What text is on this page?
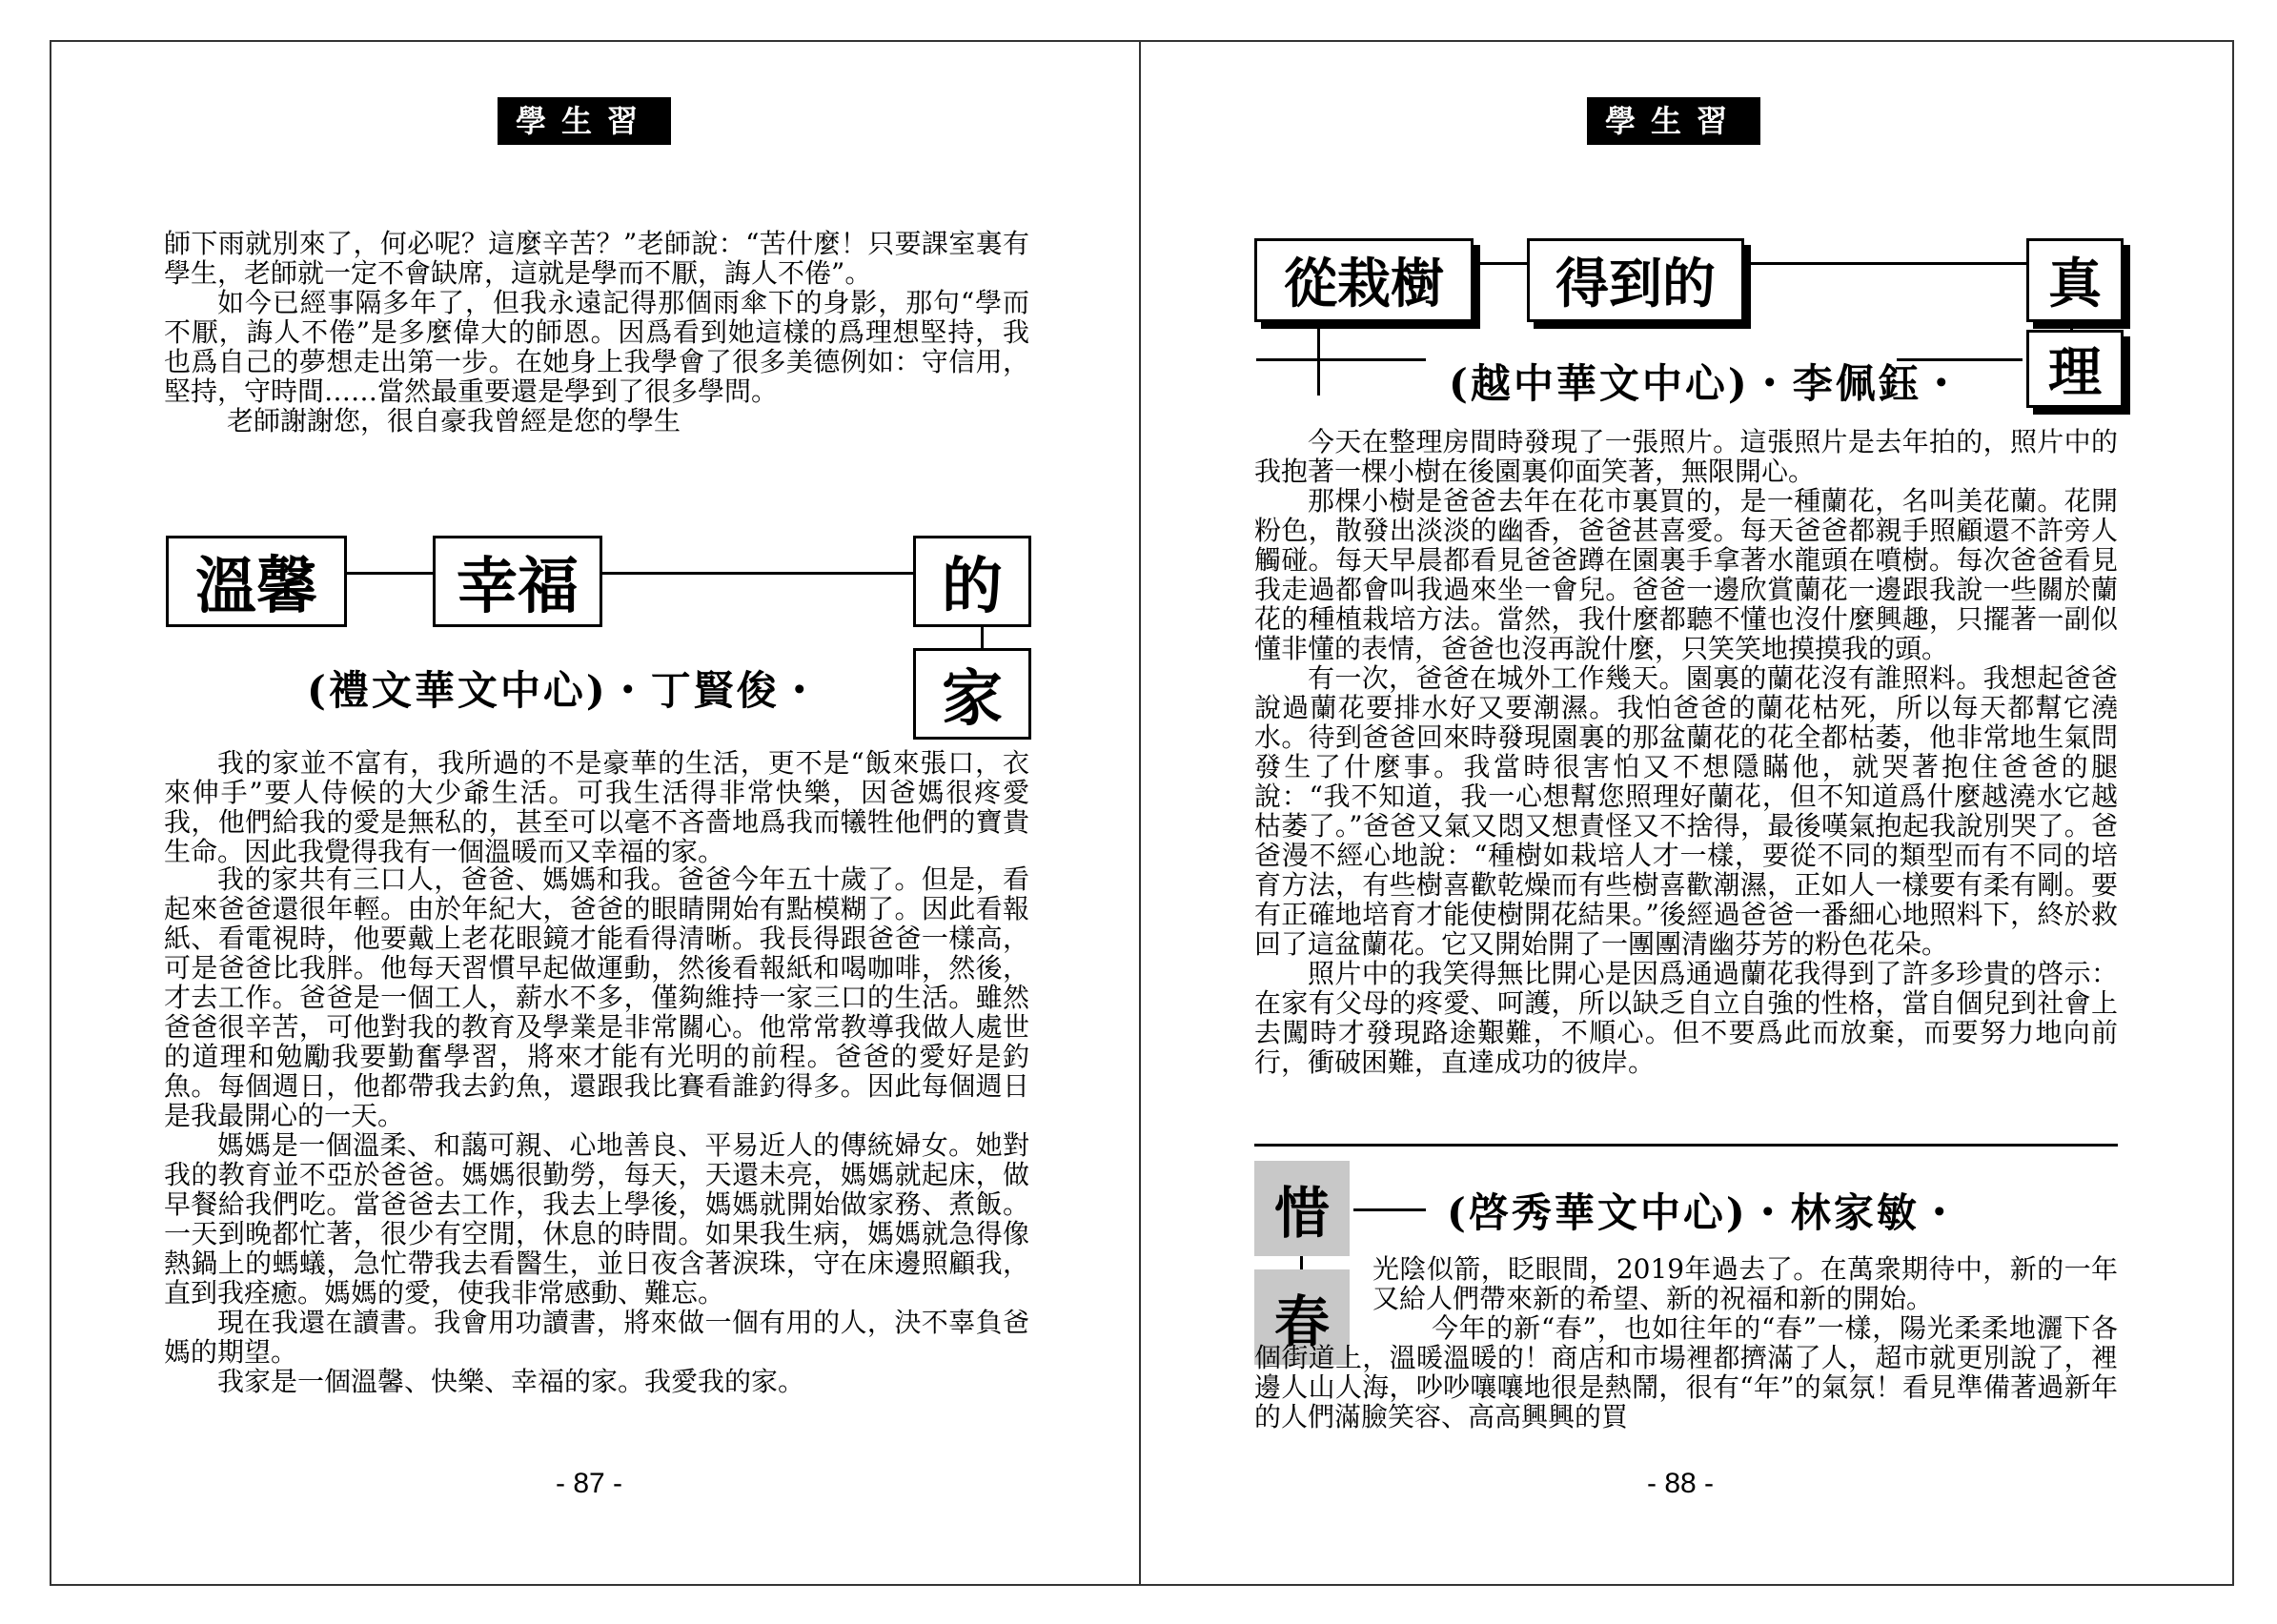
學生習作

師下雨就別來了，何必呢？這麼辛苦？”老師說：“苦什麼！只要課室裏有學生，老師就一定不會缺席，這就是學而不厭，誨人不倦”。

如今已經事隔多年了，但我永遠記得那個雨傘下的身影，那句“學而不厭，誨人不倦”是多麼偉大的師恩。因爲看到她這樣的爲理想堅持，我也爲自己的夢想走出第一步。在她身上我學會了很多美德例如：守信用，堅持，守時間……當然最重要還是學到了很多學問。

老師謝謝您，很自豪我曾經是您的學生

溫馨	幸福	的
家
(禮文華文中心)・丁賢俊・

我的家並不富有，我所過的不是豪華的生活，更不是“飯來張口，衣來伸手”要人侍候的大少爺生活。可我生活得非常快樂，因爸媽很疼愛我，他們給我的愛是無私的，甚至可以毫不吝嗇地爲我而犧牲他們的寶貴生命。因此我覺得我有一個溫暖而又幸福的家。

我的家共有三口人，爸爸、媽媽和我。爸爸今年五十歲了。但是，看起來爸爸還很年輕。由於年紀大，爸爸的眼睛開始有點模糊了。因此看報紙、看電視時，他要戴上老花眼鏡才能看得清晰。我長得跟爸爸一樣高，可是爸爸比我胖。他每天習慣早起做運動，然後看報紙和喝咖啡，然後，才去工作。爸爸是一個工人，薪水不多，僅夠維持一家三口的生活。雖然爸爸很辛苦，可他對我的教育及學業是非常關心。他常常教導我做人處世的道理和勉勵我要勤奮學習，將來才能有光明的前程。爸爸的愛好是釣魚。每個週日，他都帶我去釣魚，還跟我比賽看誰釣得多。因此每個週日是我最開心的一天。

媽媽是一個溫柔、和藹可親、心地善良、平易近人的傳統婦女。她對我的教育並不亞於爸爸。媽媽很勤勞，每天，天還未亮，媽媽就起床，做早餐給我們吃。當爸爸去工作，我去上學後，媽媽就開始做家務、煮飯。一天到晚都忙著，很少有空閒，休息的時間。如果我生病，媽媽就急得像熱鍋上的螞蟻，急忙帶我去看醫生，並日夜含著淚珠，守在床邊照顧我，直到我痊癒。媽媽的愛，使我非常感動、難忘。

現在我還在讀書。我會用功讀書，將來做一個有用的人，決不辜負爸媽的期望。

我家是一個溫馨、快樂、幸福的家。我愛我的家。

- 87 -
學生習作
從栽樹	得到的	真
理
(越中華文中心)・李佩鈺・

今天在整理房間時發現了一張照片。這張照片是去年拍的，照片中的我抱著一棵小樹在後園裏仰面笑著，無限開心。

那棵小樹是爸爸去年在花市裏買的，是一種蘭花，名叫美花蘭。花開粉色，散發出淡淡的幽香，爸爸甚喜愛。每天爸爸都親手照顧還不許旁人觸碰。每天早晨都看見爸爸蹲在園裏手拿著水龍頭在噴樹。每次爸爸看見我走過都會叫我過來坐一會兒。爸爸一邊欣賞蘭花一邊跟我說一些關於蘭花的種植栽培方法。當然，我什麼都聽不懂也沒什麼興趣，只擺著一副似懂非懂的表情，爸爸也沒再說什麼，只笑笑地摸摸我的頭。

有一次，爸爸在城外工作幾天。園裏的蘭花沒有誰照料。我想起爸爸說過蘭花要排水好又要潮濕。我怕爸爸的蘭花枯死，所以每天都幫它澆水。待到爸爸回來時發現園裏的那盆蘭花的花全都枯萎，他非常地生氣問發生了什麼事。我當時很害怕又不想隱瞞他，就哭著抱住爸爸的腿說：“我不知道，我一心想幫您照理好蘭花，但不知道爲什麼越澆水它越枯萎了。”爸爸又氣又悶又想責怪又不捨得，最後嘆氣抱起我說別哭了。爸爸漫不經心地說：“種樹如栽培人才一樣，要從不同的類型而有不同的培育方法，有些樹喜歡乾燥而有些樹喜歡潮濕，正如人一樣要有柔有剛。要有正確地培育才能使樹開花結果。”後經過爸爸一番細心地照料下，終於救回了這盆蘭花。它又開始開了一團團清幽芬芳的粉色花朵。

照片中的我笑得無比開心是因爲通過蘭花我得到了許多珍貴的啓示：在家有父母的疼愛、呵護，所以缺乏自立自強的性格，當自個兒到社會上去闖時才發現路途艱難，不順心。但不要爲此而放棄，而要努力地向前行，衝破困難，直達成功的彼岸。

惜
春
(啓秀華文中心)・林家敏・

光陰似箭，眨眼間，2019年過去了。在萬衆期待中，新的一年又給人們帶來新的希望、新的祝福和新的開始。

今年的新“春”，也如往年的“春”一樣，陽光柔柔地灑下各個街道上，溫暖溫暖的！商店和市場裡都擠滿了人，超市就更別說了，裡邊人山人海，吵吵嚷嚷地很是熱鬧，很有“年”的氣氛！看見準備著過新年的人們滿臉笑容、高高興興的買

- 88 -
